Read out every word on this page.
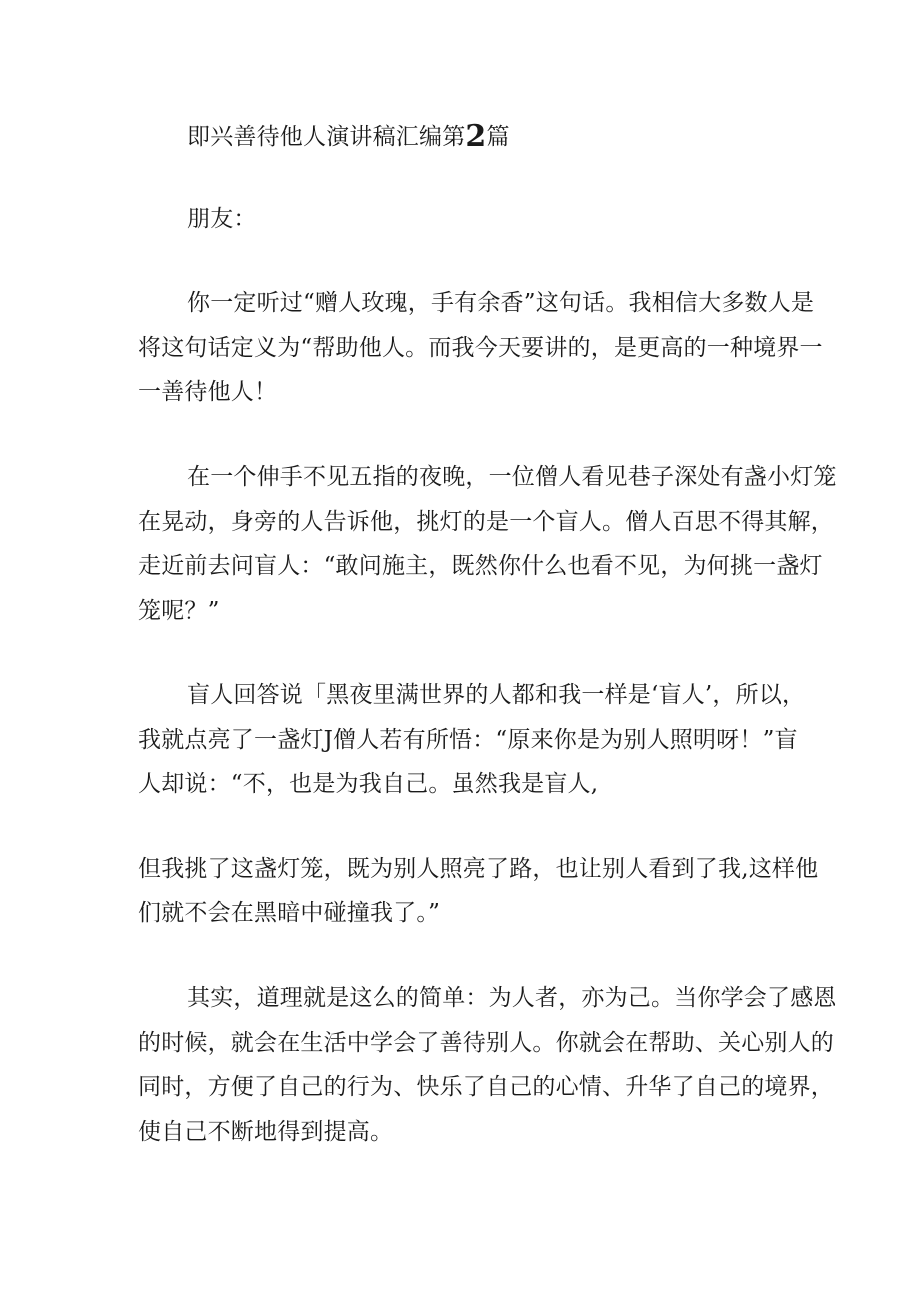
即兴善待他人演讲稿汇编第2篇
朋友：
你一定听过“赠人玫瑰，手有余香”这句话。我相信大多数人是
将这句话定义为“帮助他人。而我今天要讲的，是更高的一种境界一
一善待他人！
在一个伸手不见五指的夜晚，一位僧人看见巷子深处有盏小灯笼
在晃动，身旁的人告诉他，挑灯的是一个盲人。僧人百思不得其解，
走近前去问盲人：“敢问施主，既然你什么也看不见，为何挑一盏灯
笼呢？”
盲人回答说「黑夜里满世界的人都和我一样是‘盲人’，所以，
我就点亮了一盏灯J僧人若有所悟：“原来你是为别人照明呀！”盲
人却说：“不，也是为我自己。虽然我是盲人,
但我挑了这盏灯笼，既为别人照亮了路，也让别人看到了我,这样他
们就不会在黑暗中碰撞我了。”
其实，道理就是这么的简单：为人者，亦为己。当你学会了感恩
的时候，就会在生活中学会了善待别人。你就会在帮助、关心别人的
同时，方便了自己的行为、快乐了自己的心情、升华了自己的境界，
使自己不断地得到提高。
